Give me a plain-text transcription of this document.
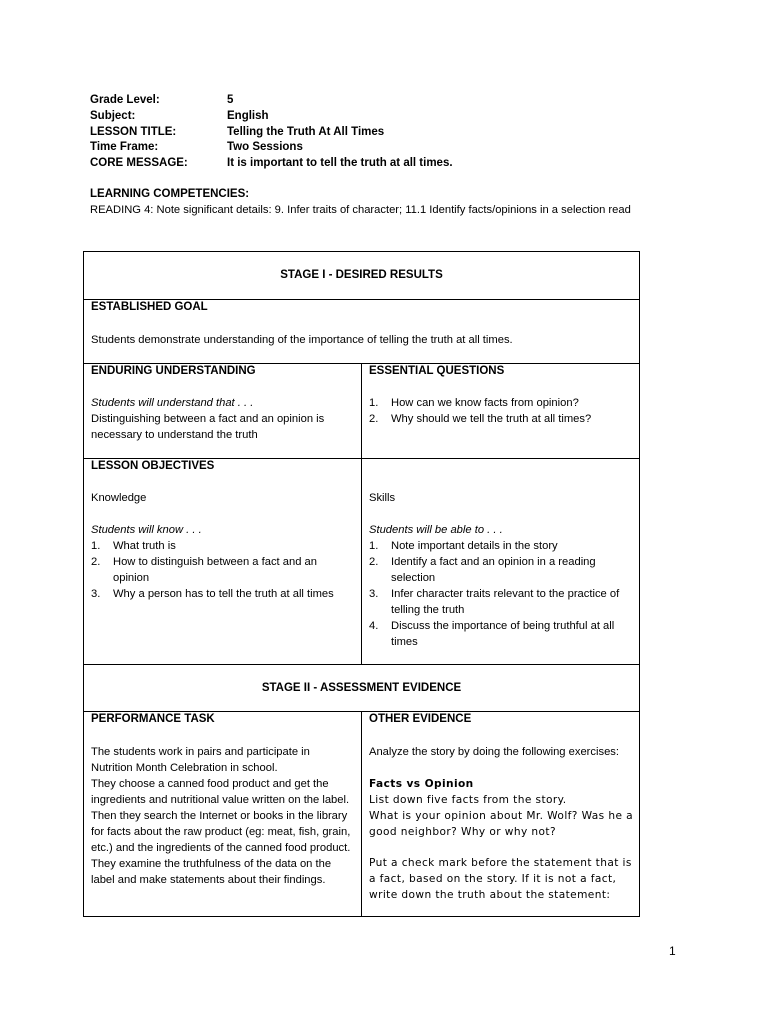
Grade Level:	5
Subject:	English
LESSON TITLE:	Telling the Truth At All Times
Time Frame:	Two Sessions
CORE MESSAGE:	It is important to tell the truth at all times.
LEARNING COMPETENCIES:
READING 4: Note significant details: 9. Infer traits of character; 11.1 Identify facts/opinions in a selection read
STAGE I - DESIRED RESULTS
ESTABLISHED GOAL
Students demonstrate understanding of the importance of telling the truth at all times.
ENDURING UNDERSTANDING
Students will understand that . . .
Distinguishing between a fact and an opinion is necessary to understand the truth
ESSENTIAL QUESTIONS
1. How can we know facts from opinion?
2. Why should we tell the truth at all times?
LESSON OBJECTIVES
Knowledge
Students will know . . .
1. What truth is
2. How to distinguish between a fact and an opinion
3. Why a person has to tell the truth at all times
Skills
Students will be able to . . .
1. Note important details in the story
2. Identify a fact and an opinion in a reading selection
3. Infer character traits relevant to the practice of telling the truth
4. Discuss the importance of being truthful at all times
STAGE II - ASSESSMENT EVIDENCE
PERFORMANCE TASK
The students work in pairs and participate in Nutrition Month Celebration in school.
They choose a canned food product and get the ingredients and nutritional value written on the label.
Then they search the Internet or books in the library for facts about the raw product (eg: meat, fish, grain, etc.) and the ingredients of the canned food product.
They examine the truthfulness of the data on the label and make statements about their findings.
OTHER EVIDENCE
Analyze the story by doing the following exercises:
Facts vs Opinion
List down five facts from the story.
What is your opinion about Mr. Wolf? Was he a good neighbor? Why or why not?
Put a check mark before the statement that is a fact, based on the story. If it is not a fact, write down the truth about the statement:
1
